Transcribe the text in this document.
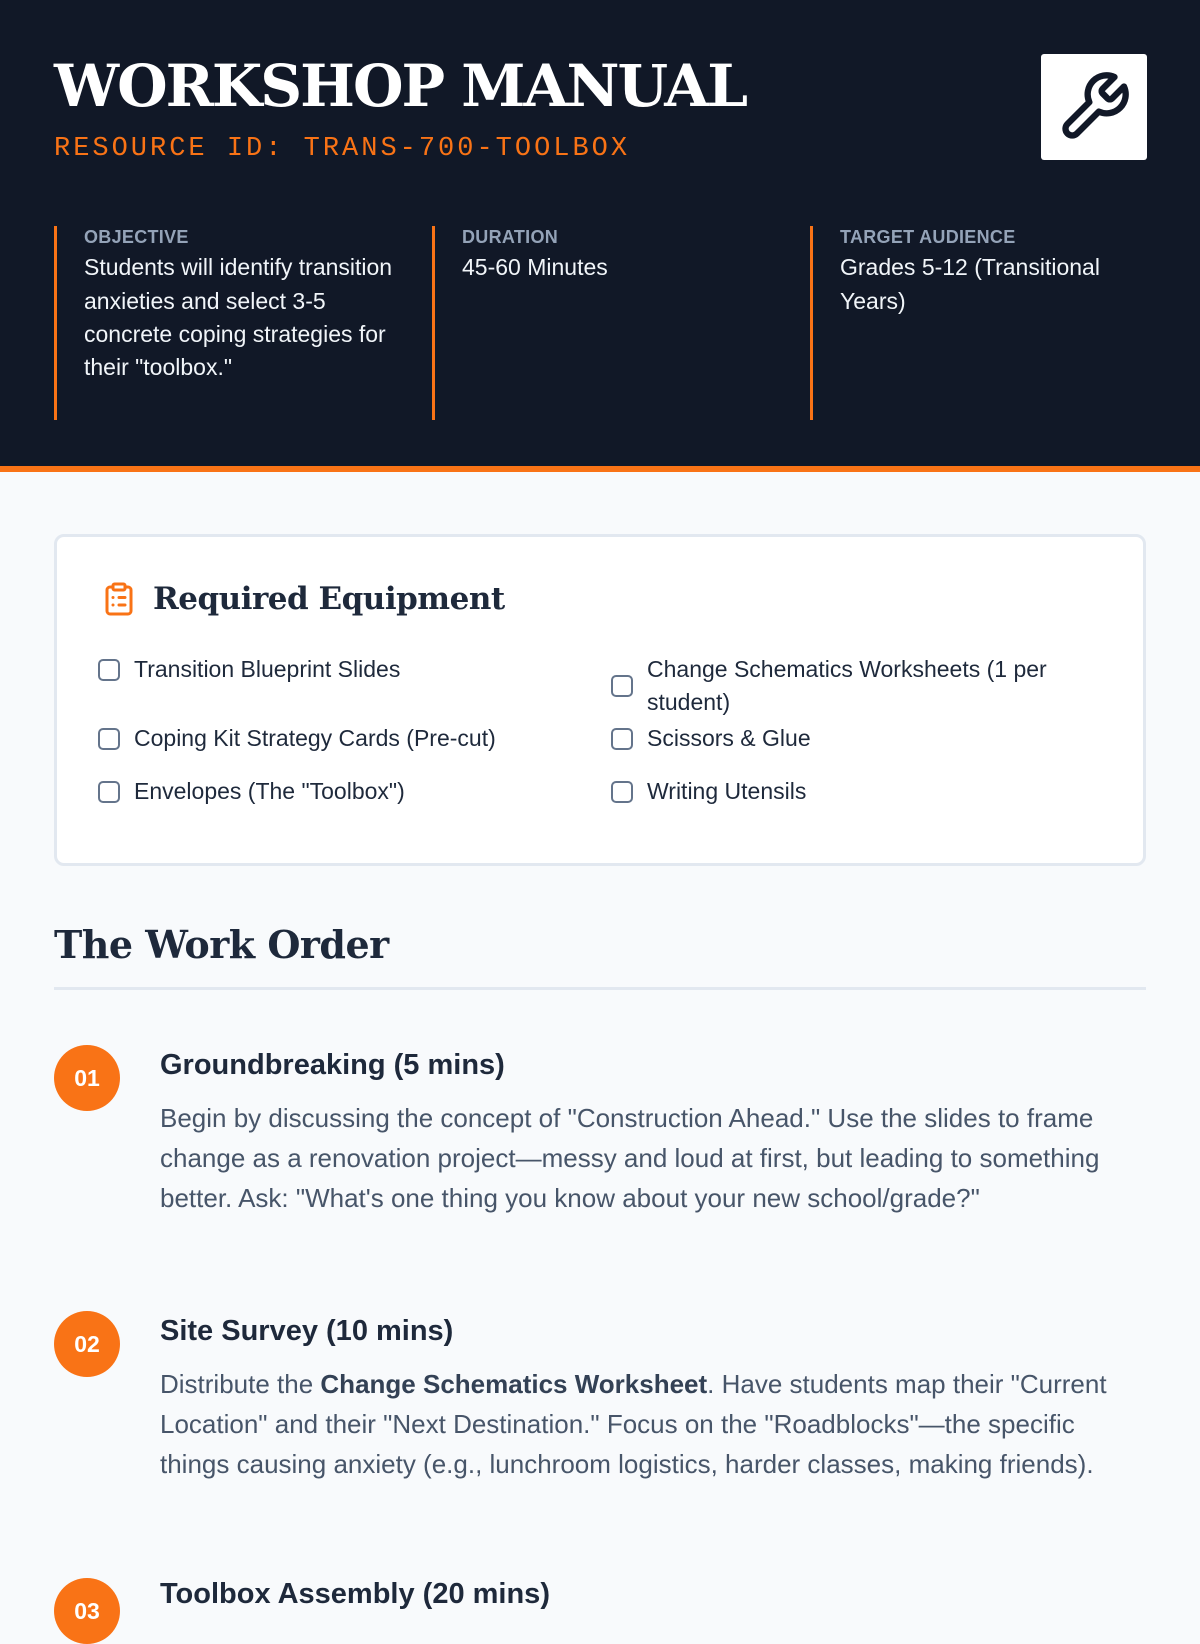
WORKSHOP MANUAL
RESOURCE ID: TRANS-700-TOOLBOX
OBJECTIVE
Students will identify transition anxieties and select 3-5 concrete coping strategies for their "toolbox."
DURATION
45-60 Minutes
TARGET AUDIENCE
Grades 5-12 (Transitional Years)
Required Equipment
Transition Blueprint Slides	Change Schematics Worksheets (1 per student)
Coping Kit Strategy Cards (Pre-cut)	Scissors & Glue
Envelopes (The "Toolbox")	Writing Utensils
The Work Order
01	Groundbreaking (5 mins)
Begin by discussing the concept of "Construction Ahead." Use the slides to frame change as a renovation project—messy and loud at first, but leading to something better. Ask: "What's one thing you know about your new school/grade?"
02	Site Survey (10 mins)
Distribute the Change Schematics Worksheet. Have students map their "Current Location" and their "Next Destination." Focus on the "Roadblocks"—the specific things causing anxiety (e.g., lunchroom logistics, harder classes, making friends).
03
Toolbox Assembly (20 mins)
